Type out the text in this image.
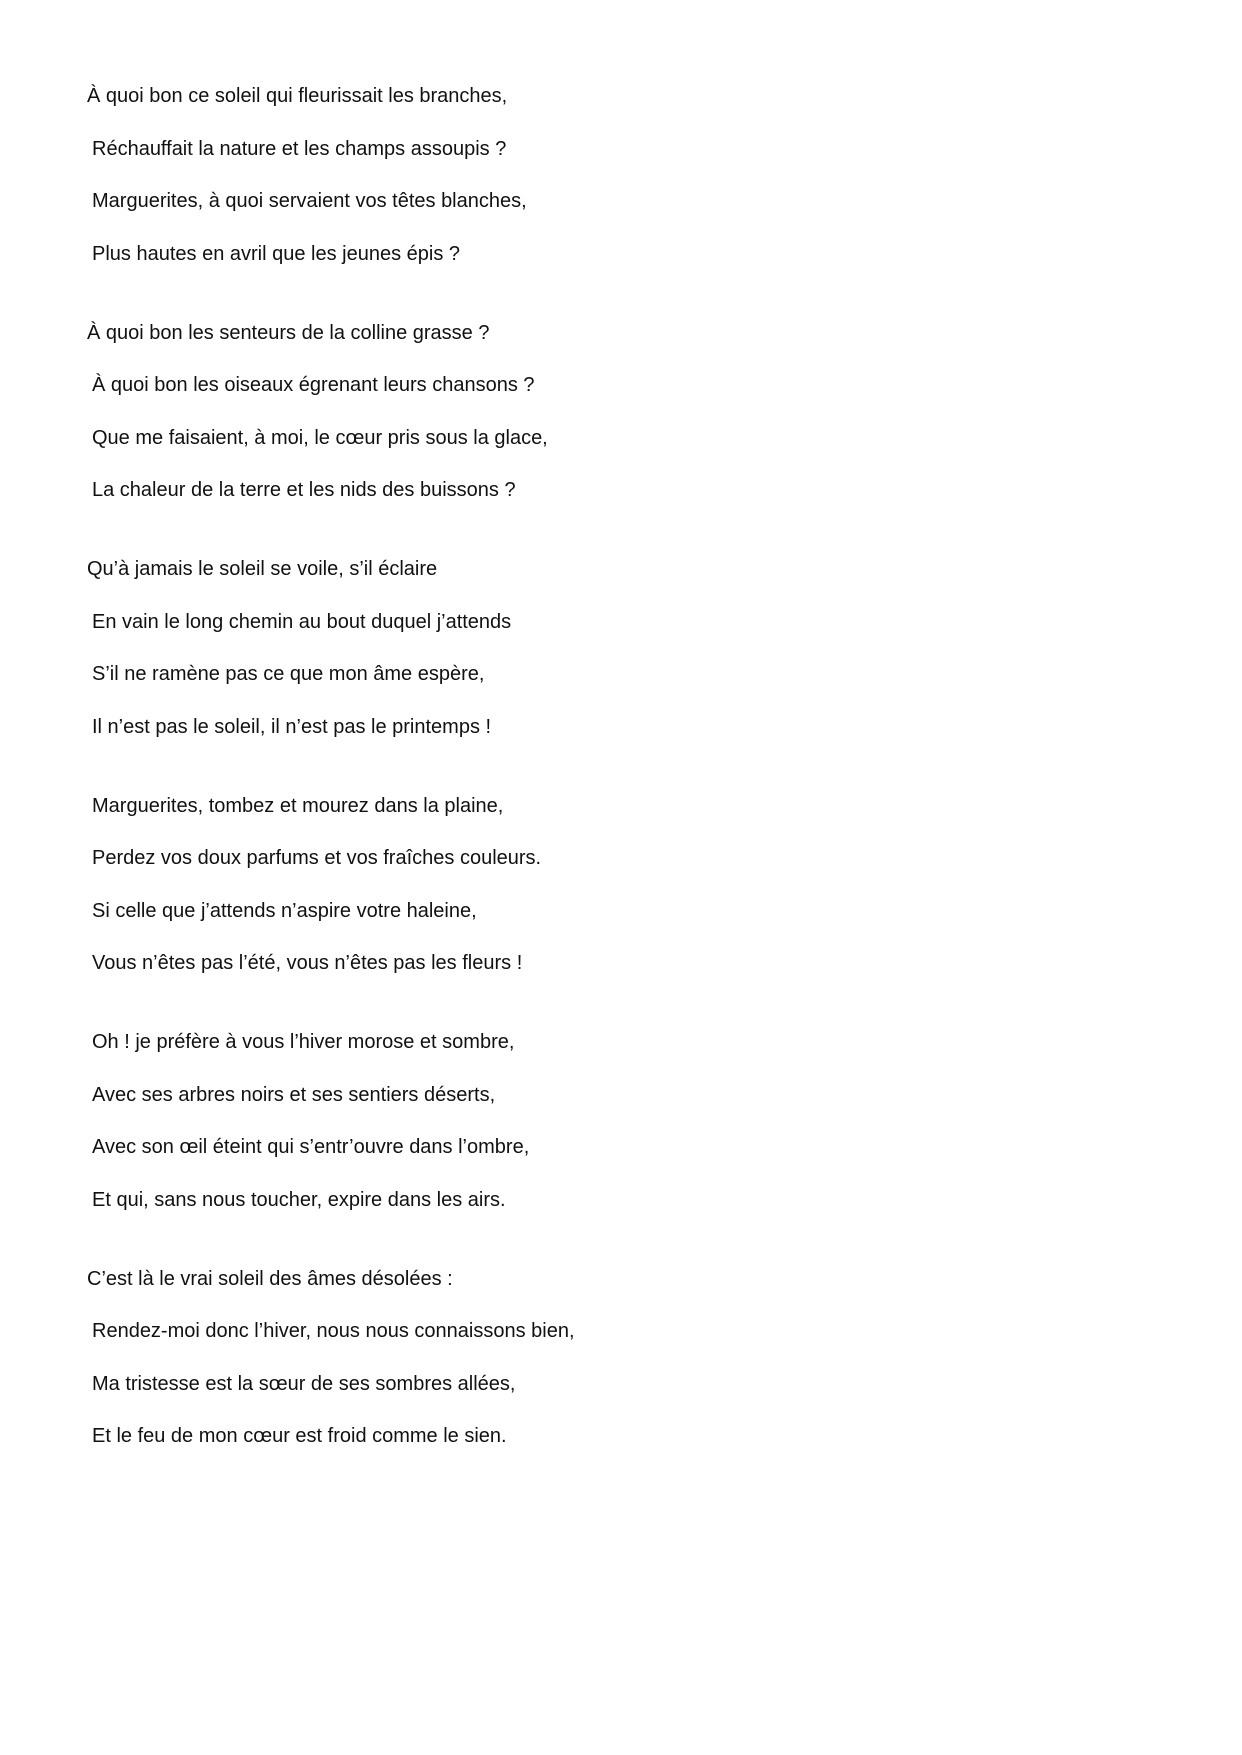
À quoi bon ce soleil qui fleurissait les branches,
Réchauffait la nature et les champs assoupis ?
Marguerites, à quoi servaient vos têtes blanches,
Plus hautes en avril que les jeunes épis ?
À quoi bon les senteurs de la colline grasse ?
À quoi bon les oiseaux égrenant leurs chansons ?
Que me faisaient, à moi, le cœur pris sous la glace,
La chaleur de la terre et les nids des buissons ?
Qu’à jamais le soleil se voile, s’il éclaire
En vain le long chemin au bout duquel j’attends
S’il ne ramène pas ce que mon âme espère,
Il n’est pas le soleil, il n’est pas le printemps !
Marguerites, tombez et mourez dans la plaine,
Perdez vos doux parfums et vos fraîches couleurs.
Si celle que j’attends n’aspire votre haleine,
Vous n’êtes pas l’été, vous n’êtes pas les fleurs !
Oh ! je préfère à vous l’hiver morose et sombre,
Avec ses arbres noirs et ses sentiers déserts,
Avec son œil éteint qui s’entr’ouvre dans l’ombre,
Et qui, sans nous toucher, expire dans les airs.
C’est là le vrai soleil des âmes désolées :
Rendez-moi donc l’hiver, nous nous connaissons bien,
Ma tristesse est la sœur de ses sombres allées,
Et le feu de mon cœur est froid comme le sien.
